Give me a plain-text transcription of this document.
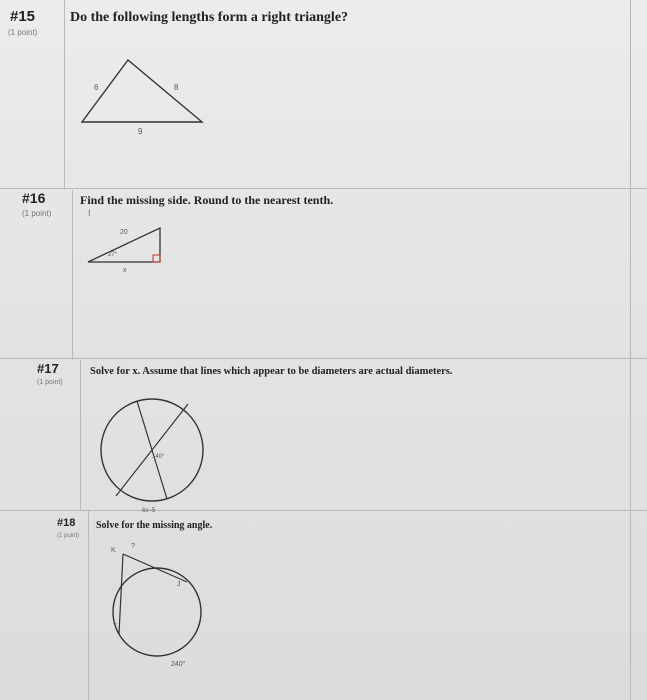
#15
(1 point)
Do the following lengths form a right triangle?
6	8
9
#16
(1 point)
Find the missing side. Round to the nearest tenth.
I
20
27°
x
#17
(1 point)
Solve for x. Assume that lines which appear to be diameters are actual diameters.
140°
6x−5
#18
(1 point)
Solve for the missing angle.
K
?
J
L
240°
